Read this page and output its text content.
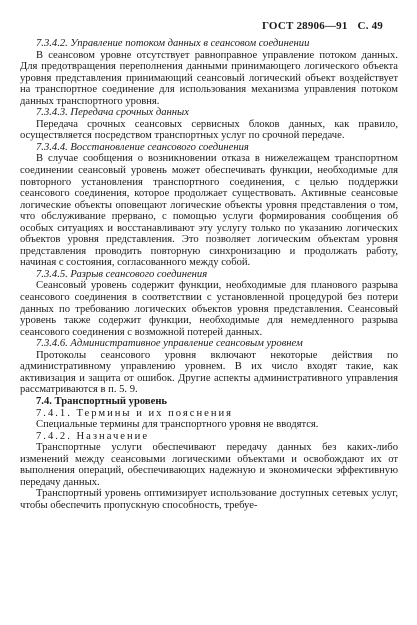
ГОСТ 28906—91 С. 49

7.3.4.2. Управление потоком данных в сеансовом соединении

В сеансовом уровне отсутствует равноправное управление потоком данных. Для предотвращения переполнения данными принимающего логического объекта уровня представления принимающий сеансовый логический объект воздействует на транспортное соединение для использования механизма управления потоком данных транспортного уровня.

7.3.4.3. Передача срочных данных

Передача срочных сеансовых сервисных блоков данных, как правило, осуществляется посредством транспортных услуг по срочной передаче.

7.3.4.4. Восстановление сеансового соединения

В случае сообщения о возникновении отказа в нижележащем транспортном соединении сеансовый уровень может обеспечивать функции, необходимые для повторного установления транспортного соединения, с целью поддержки сеансового соединения, которое продолжает существовать. Активные сеансовые логические объекты оповещают логические объекты уровня представления о том, что обслуживание прервано, с помощью услуги формирования сообщения об особых ситуациях и восстанавливают эту услугу только по указанию логических объектов уровня представления. Это позволяет логическим объектам уровня представления проводить повторную синхронизацию и продолжать работу, начиная с состояния, согласованного между собой.

7.3.4.5. Разрыв сеансового соединения

Сеансовый уровень содержит функции, необходимые для планового разрыва сеансового соединения в соответствии с установленной процедурой без потери данных по требованию логических объектов уровня представления. Сеансовый уровень также содержит функции, необходимые для немедленного разрыва сеансового соединения с возможной потерей данных.

7.3.4.6. Административное управление сеансовым уровнем

Протоколы сеансового уровня включают некоторые действия по административному управлению уровнем. В их число входят такие, как активизация и защита от ошибок. Другие аспекты административного управления рассматриваются в п. 5. 9.

7.4. Транспортный уровень

7.4.1. Термины и их пояснения

Специальные термины для транспортного уровня не вводятся.

7.4.2. Назначение

Транспортные услуги обеспечивают передачу данных без каких-либо изменений между сеансовыми логическими объектами и освобождают их от выполнения операций, обеспечивающих надежную и экономически эффективную передачу данных.

Транспортный уровень оптимизирует использование доступных сетевых услуг, чтобы обеспечить пропускную способность, требуе-
